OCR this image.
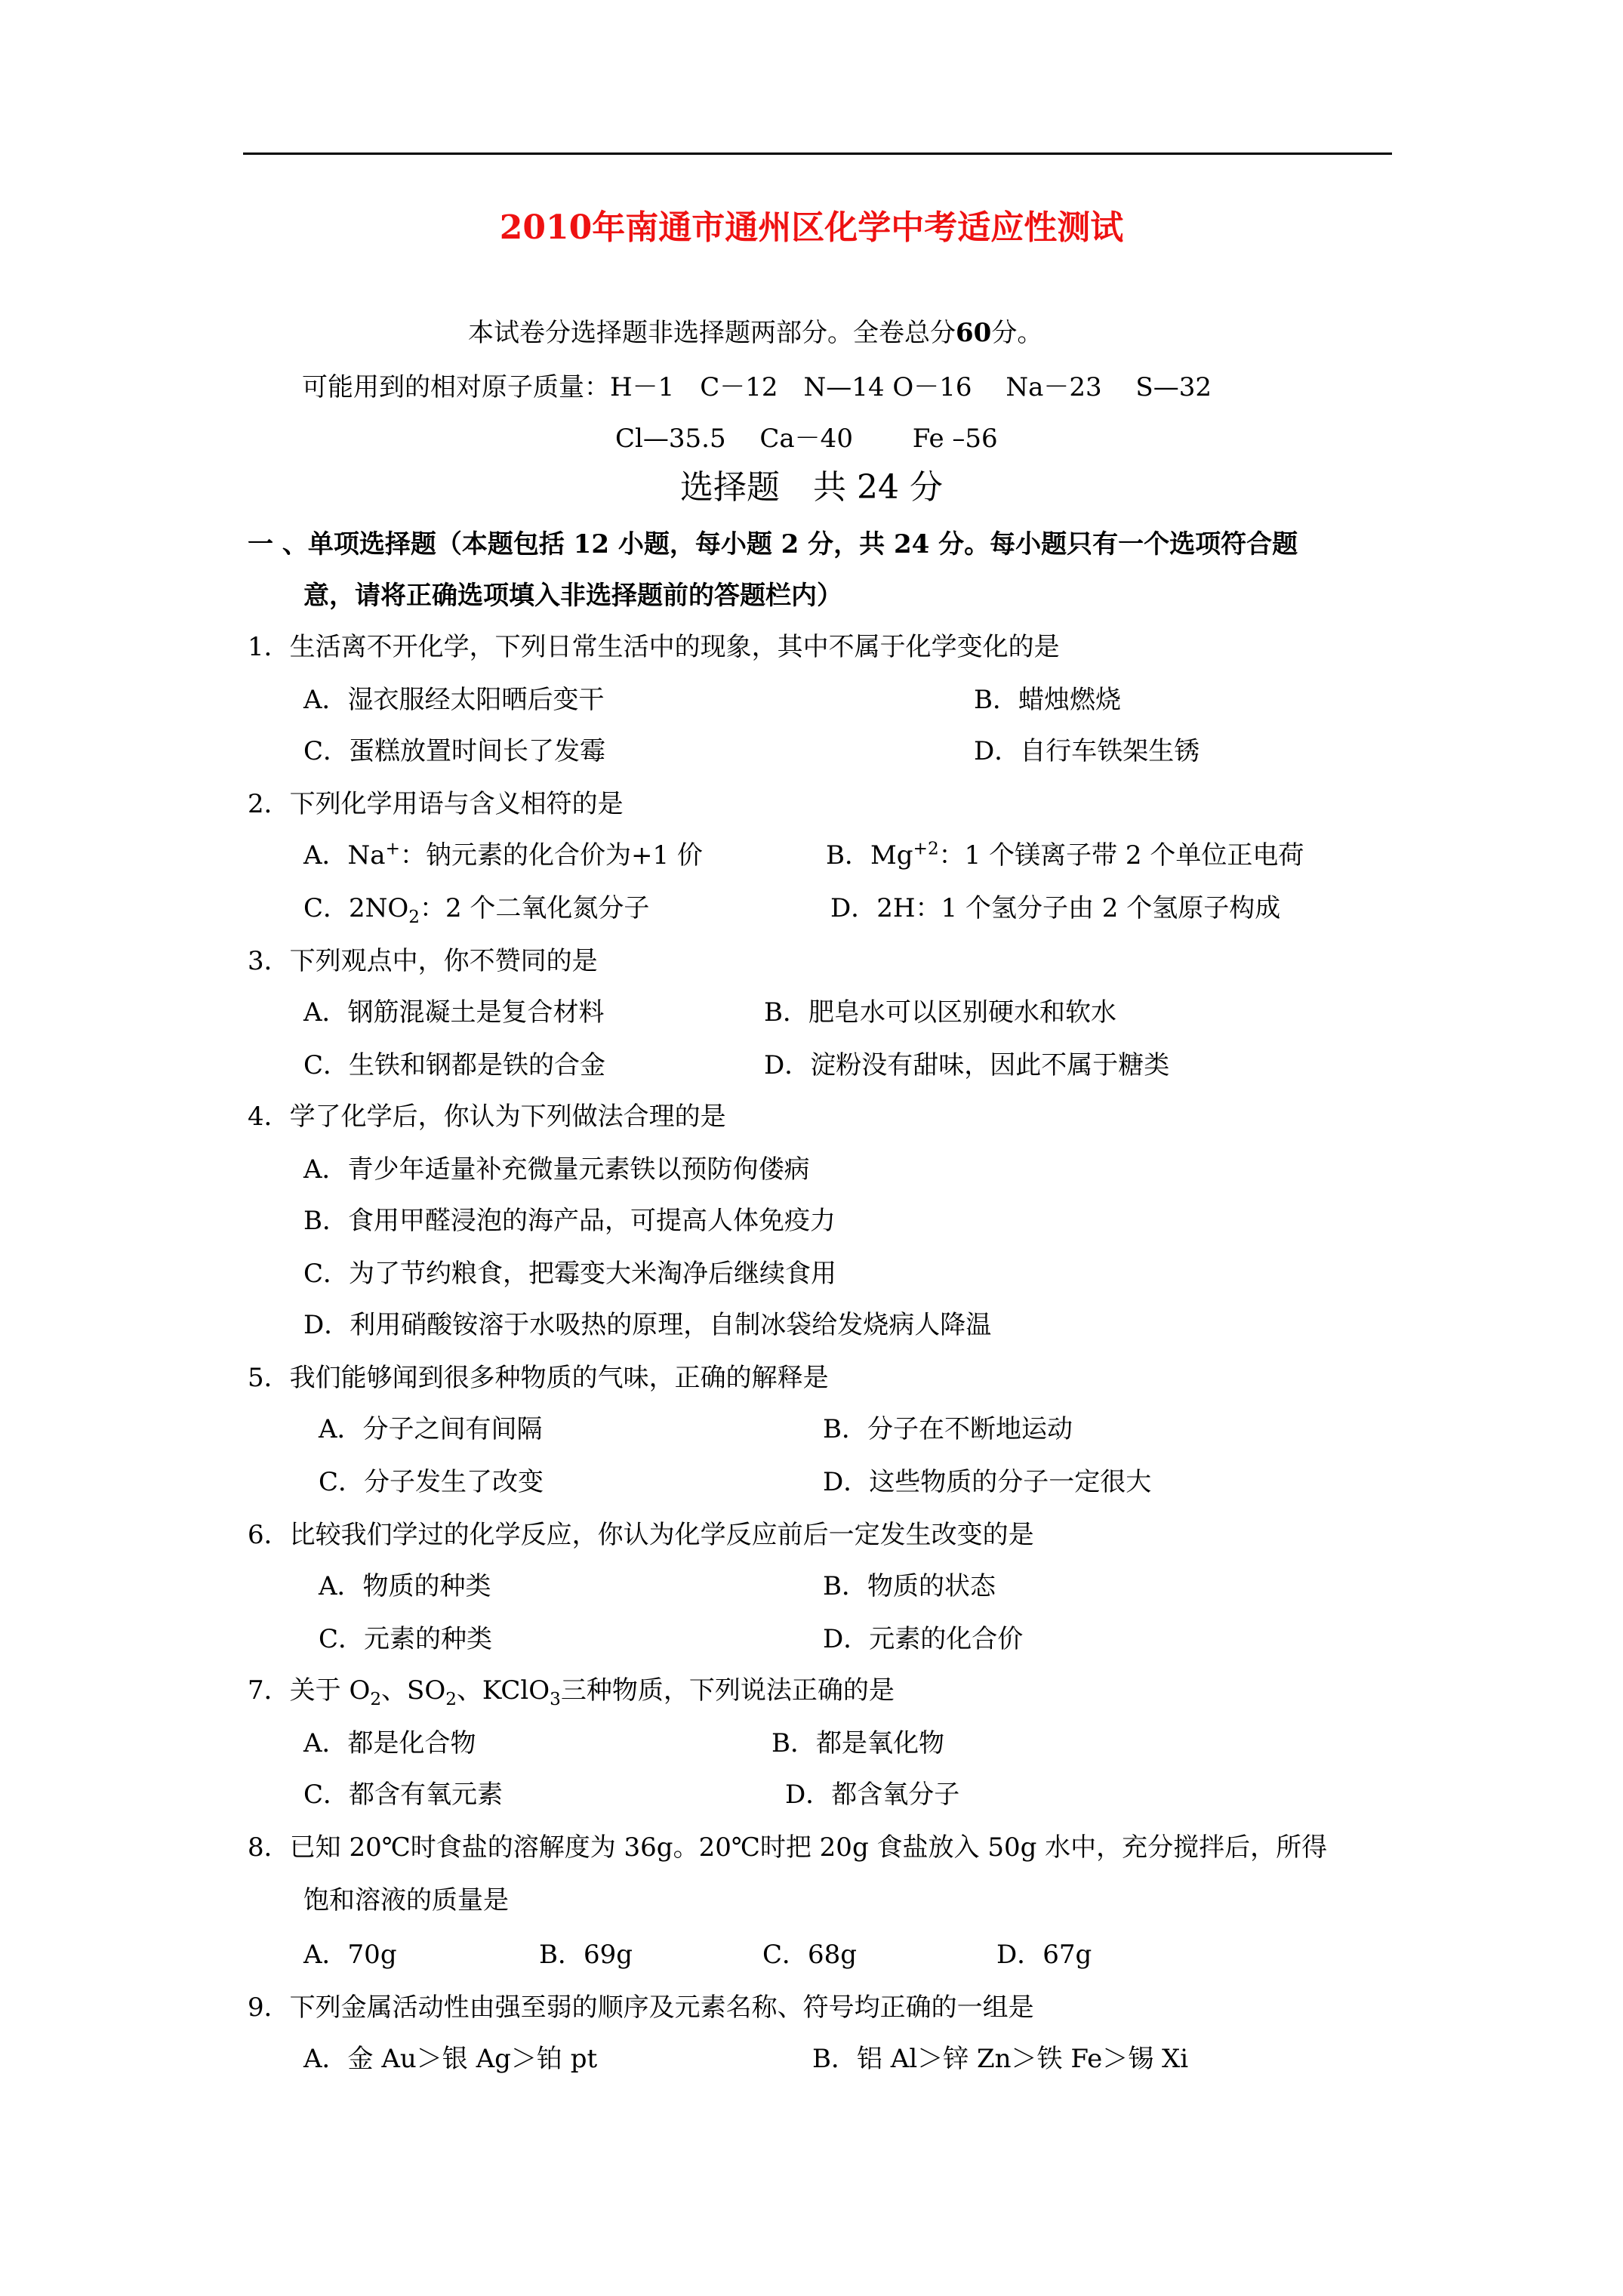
2010年南通市通州区化学中考适应性测试
本试卷分选择题非选择题两部分。全卷总分60分。
可能用到的相对原子质量：H－1　C－12　N—14 O－16　 Na－23　 S—32
Cl—35.5　 Ca－40　　 Fe –56
选择题　共 24 分
一 、单项选择题（本题包括 12 小题，每小题 2 分，共 24 分。每小题只有一个选项符合题
意，请将正确选项填入非选择题前的答题栏内）
1．生活离不开化学，下列日常生活中的现象，其中不属于化学变化的是
A．湿衣服经太阳晒后变干	B．蜡烛燃烧
C．蛋糕放置时间长了发霉	D．自行车铁架生锈
2．下列化学用语与含义相符的是
A．Na+：钠元素的化合价为+1 价	B．$Mg^{+2}$：1 个镁离子带 2 个单位正电荷
C．$2NO_2$：2 个二氧化氮分子	D．2H：1 个氢分子由 2 个氢原子构成
3．下列观点中，你不赞同的是
A．钢筋混凝土是复合材料	B．肥皂水可以区别硬水和软水
C．生铁和钢都是铁的合金	D．淀粉没有甜味，因此不属于糖类
4．学了化学后，你认为下列做法合理的是
A．青少年适量补充微量元素铁以预防佝偻病
B．食用甲醛浸泡的海产品，可提高人体免疫力
C．为了节约粮食，把霉变大米淘净后继续食用
D．利用硝酸铵溶于水吸热的原理，自制冰袋给发烧病人降温
5．我们能够闻到很多种物质的气味，正确的解释是
A．分子之间有间隔	B．分子在不断地运动
C．分子发生了改变	D．这些物质的分子一定很大
6．比较我们学过的化学反应，你认为化学反应前后一定发生改变的是
A．物质的种类	B．物质的状态
C．元素的种类	D．元素的化合价
7．关于 $O_2$、$SO_2$、KClO$_3$三种物质，下列说法正确的是
A．都是化合物	B．都是氧化物
C．都含有氧元素	D．都含氧分子
8．已知 20℃时食盐的溶解度为 36g。20℃时把 20g 食盐放入 50g 水中，充分搅拌后，所得
饱和溶液的质量是
A．70g	B．69g	C．68g	D．67g
9．下列金属活动性由强至弱的顺序及元素名称、符号均正确的一组是
A．金 Au＞银 Ag＞铂 pt	B．铝 Al＞锌 Zn＞铁 Fe＞锡 Xi
